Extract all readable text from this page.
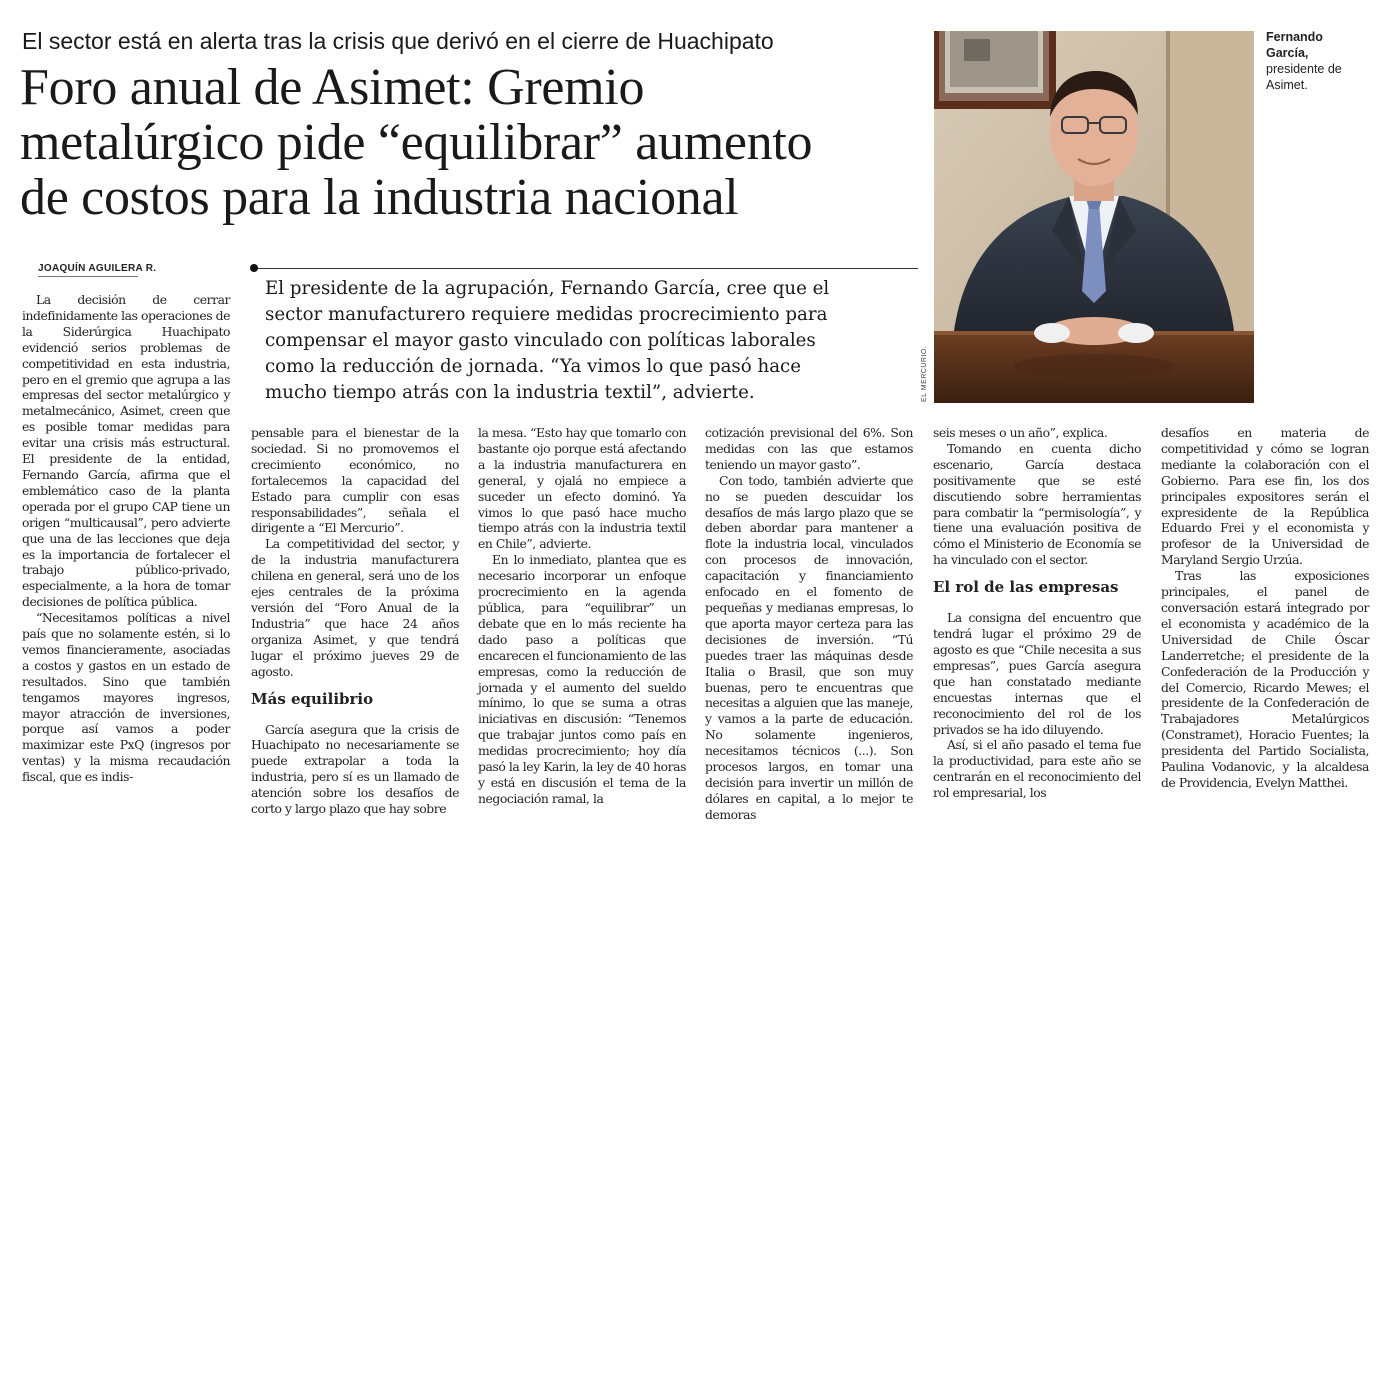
El sector está en alerta tras la crisis que derivó en el cierre de Huachipato
Foro anual de Asimet: Gremio
metalúrgico pide “equilibrar” aumento
de costos para la industria nacional
JOAQUÍN AGUILERA R.

El presidente de la agrupación, Fernando García, cree que el
sector manufacturero requiere medidas procrecimiento para
compensar el mayor gasto vinculado con políticas laborales
como la reducción de jornada. “Ya vimos lo que pasó hace
mucho tiempo atrás con la industria textil”, advierte.	EL MERCURIO.
Fernando García, presidente de Asimet.

La decisión de cerrar indefinidamente las operaciones de la Siderúrgica Huachipato evidenció serios problemas de competitividad en esta industria, pero en el gremio que agrupa a las empresas del sector metalúrgico y metalmecánico, Asimet, creen que es posible tomar medidas para evitar una crisis más estructural. El presidente de la entidad, Fernando García, afirma que el emblemático caso de la planta operada por el grupo CAP tiene un origen “multicausal”, pero advierte que una de las lecciones que deja es la importancia de fortalecer el trabajo público-privado, especialmente, a la hora de tomar decisiones de política pública.

“Necesitamos políticas a nivel país que no solamente estén, si lo vemos financieramente, asociadas a costos y gastos en un estado de resultados. Sino que también tengamos mayores ingresos, mayor atracción de inversiones, porque así vamos a poder maximizar este PxQ (ingresos por ventas) y la misma recaudación fiscal, que es indis-

pensable para el bienestar de la sociedad. Si no promovemos el crecimiento económico, no fortalecemos la capacidad del Estado para cumplir con esas responsabilidades”, señala el dirigente a “El Mercurio”.

La competitividad del sector, y de la industria manufacturera chilena en general, será uno de los ejes centrales de la próxima versión del “Foro Anual de la Industria” que hace 24 años organiza Asimet, y que tendrá lugar el próximo jueves 29 de agosto.

Más equilibrio

García asegura que la crisis de Huachipato no necesariamente se puede extrapolar a toda la industria, pero sí es un llamado de atención sobre los desafíos de corto y largo plazo que hay sobre

la mesa. “Esto hay que tomarlo con bastante ojo porque está afectando a la industria manufacturera en general, y ojalá no empiece a suceder un efecto dominó. Ya vimos lo que pasó hace mucho tiempo atrás con la industria textil en Chile”, advierte.

En lo inmediato, plantea que es necesario incorporar un enfoque procrecimiento en la agenda pública, para “equilibrar” un debate que en lo más reciente ha dado paso a políticas que encarecen el funcionamiento de las empresas, como la reducción de jornada y el aumento del sueldo mínimo, lo que se suma a otras iniciativas en discusión: “Tenemos que trabajar juntos como país en medidas procrecimiento; hoy día pasó la ley Karin, la ley de 40 horas y está en discusión el tema de la negociación ramal, la

cotización previsional del 6%. Son medidas con las que estamos teniendo un mayor gasto”.

Con todo, también advierte que no se pueden descuidar los desafíos de más largo plazo que se deben abordar para mantener a flote la industria local, vinculados con procesos de innovación, capacitación y financiamiento enfocado en el fomento de pequeñas y medianas empresas, lo que aporta mayor certeza para las decisiones de inversión. “Tú puedes traer las máquinas desde Italia o Brasil, que son muy buenas, pero te encuentras que necesitas a alguien que las maneje, y vamos a la parte de educación. No solamente ingenieros, necesitamos técnicos (...). Son procesos largos, en tomar una decisión para invertir un millón de dólares en capital, a lo mejor te demoras

seis meses o un año”, explica.

Tomando en cuenta dicho escenario, García destaca positivamente que se esté discutiendo sobre herramientas para combatir la “permisología”, y tiene una evaluación positiva de cómo el Ministerio de Economía se ha vinculado con el sector.

El rol de las empresas

La consigna del encuentro que tendrá lugar el próximo 29 de agosto es que “Chile necesita a sus empresas”, pues García asegura que han constatado mediante encuestas internas que el reconocimiento del rol de los privados se ha ido diluyendo.

Así, si el año pasado el tema fue la productividad, para este año se centrarán en el reconocimiento del rol empresarial, los

desafíos en materia de competitividad y cómo se logran mediante la colaboración con el Gobierno. Para ese fin, los dos principales expositores serán el expresidente de la República Eduardo Frei y el economista y profesor de la Universidad de Maryland Sergio Urzúa.

Tras las exposiciones principales, el panel de conversación estará integrado por el economista y académico de la Universidad de Chile Óscar Landerretche; el presidente de la Confederación de la Producción y del Comercio, Ricardo Mewes; el presidente de la Confederación de Trabajadores Metalúrgicos (Constramet), Horacio Fuentes; la presidenta del Partido Socialista, Paulina Vodanovic, y la alcaldesa de Providencia, Evelyn Matthei.
